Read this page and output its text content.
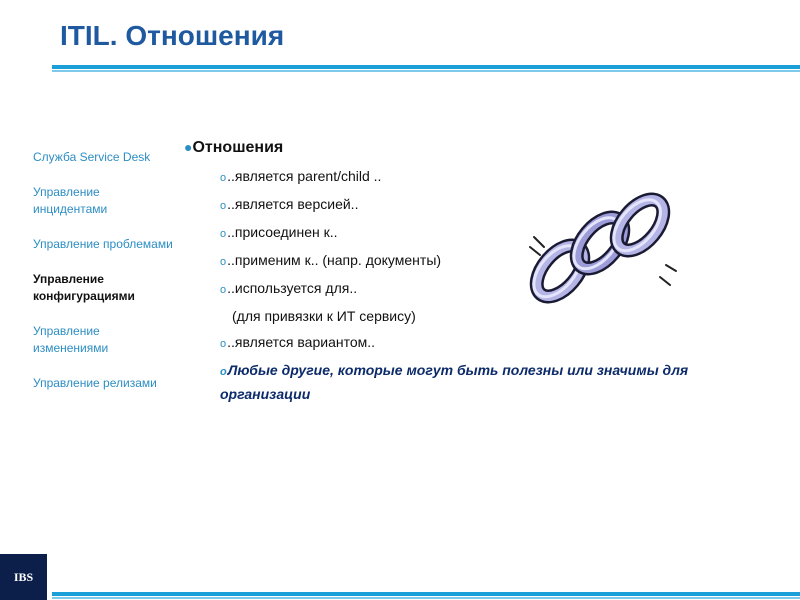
ITIL. Отношения
Служба Service Desk
Управление инцидентами
Управление проблемами
Управление конфигурациями
Управление изменениями
Управление релизами
●Отношения
o..является parent/child ..
o..является версией..
o..присоединен к..
o..применим к.. (напр. документы)
o..используется для..
(для привязки к ИТ сервису)
o..является вариантом..
oЛюбые другие, которые могут быть полезны или значимы для организации
IBS
